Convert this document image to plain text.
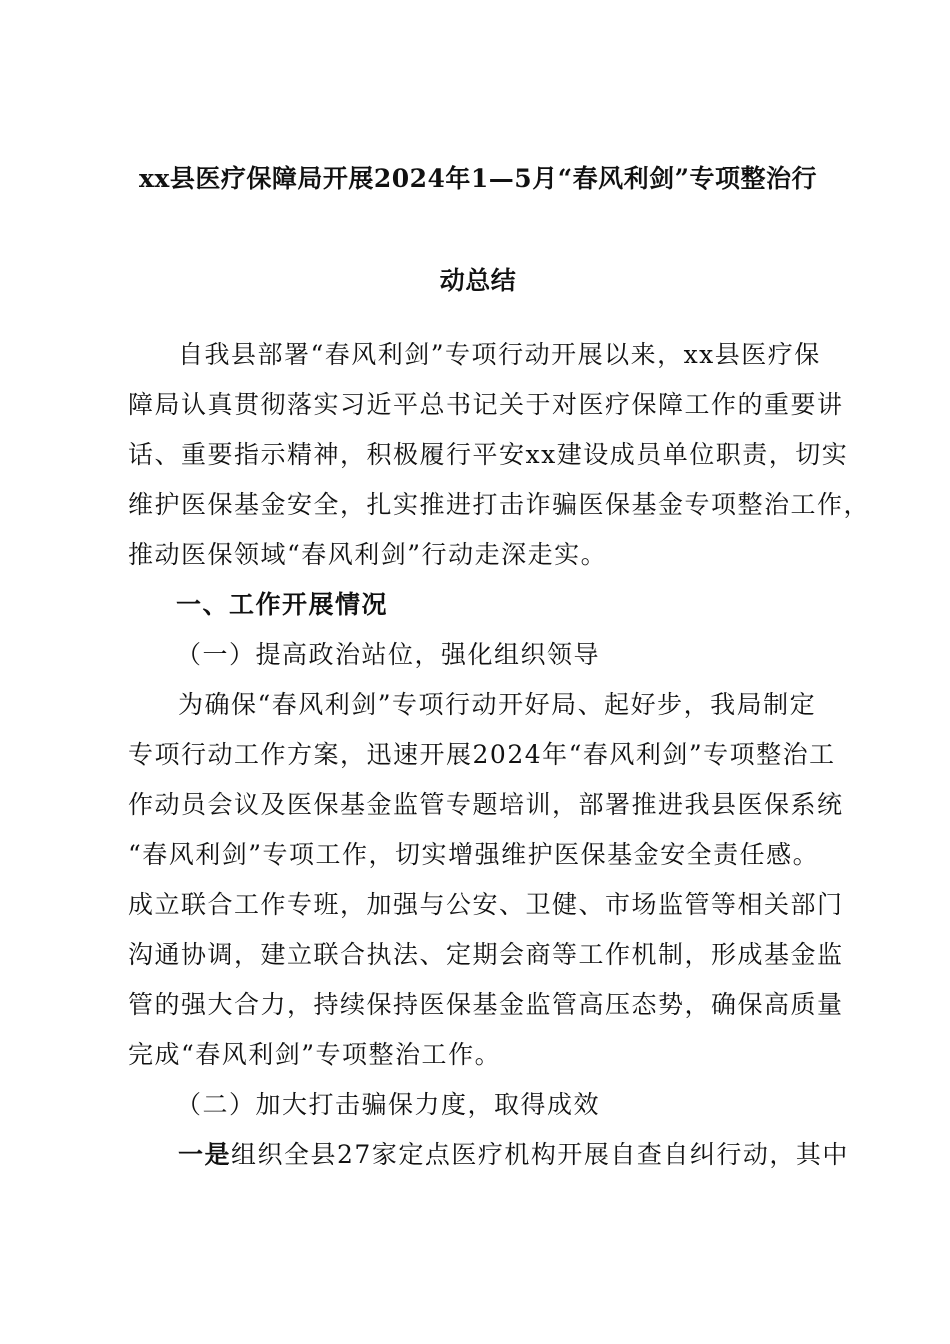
xx县医疗保障局开展2024年1—5月“春风利剑”专项整治行
动总结
自我县部署“春风利剑”专项行动开展以来，xx县医疗保
障局认真贯彻落实习近平总书记关于对医疗保障工作的重要讲
话、重要指示精神，积极履行平安xx建设成员单位职责，切实
维护医保基金安全，扎实推进打击诈骗医保基金专项整治工作，
推动医保领域“春风利剑”行动走深走实。
一、工作开展情况
（一）提高政治站位，强化组织领导
为确保“春风利剑”专项行动开好局、起好步，我局制定
专项行动工作方案，迅速开展2024年“春风利剑”专项整治工
作动员会议及医保基金监管专题培训，部署推进我县医保系统
“春风利剑”专项工作，切实增强维护医保基金安全责任感。
成立联合工作专班，加强与公安、卫健、市场监管等相关部门
沟通协调，建立联合执法、定期会商等工作机制，形成基金监
管的强大合力，持续保持医保基金监管高压态势，确保高质量
完成“春风利剑”专项整治工作。
（二）加大打击骗保力度，取得成效
一是组织全县27家定点医疗机构开展自查自纠行动，其中
